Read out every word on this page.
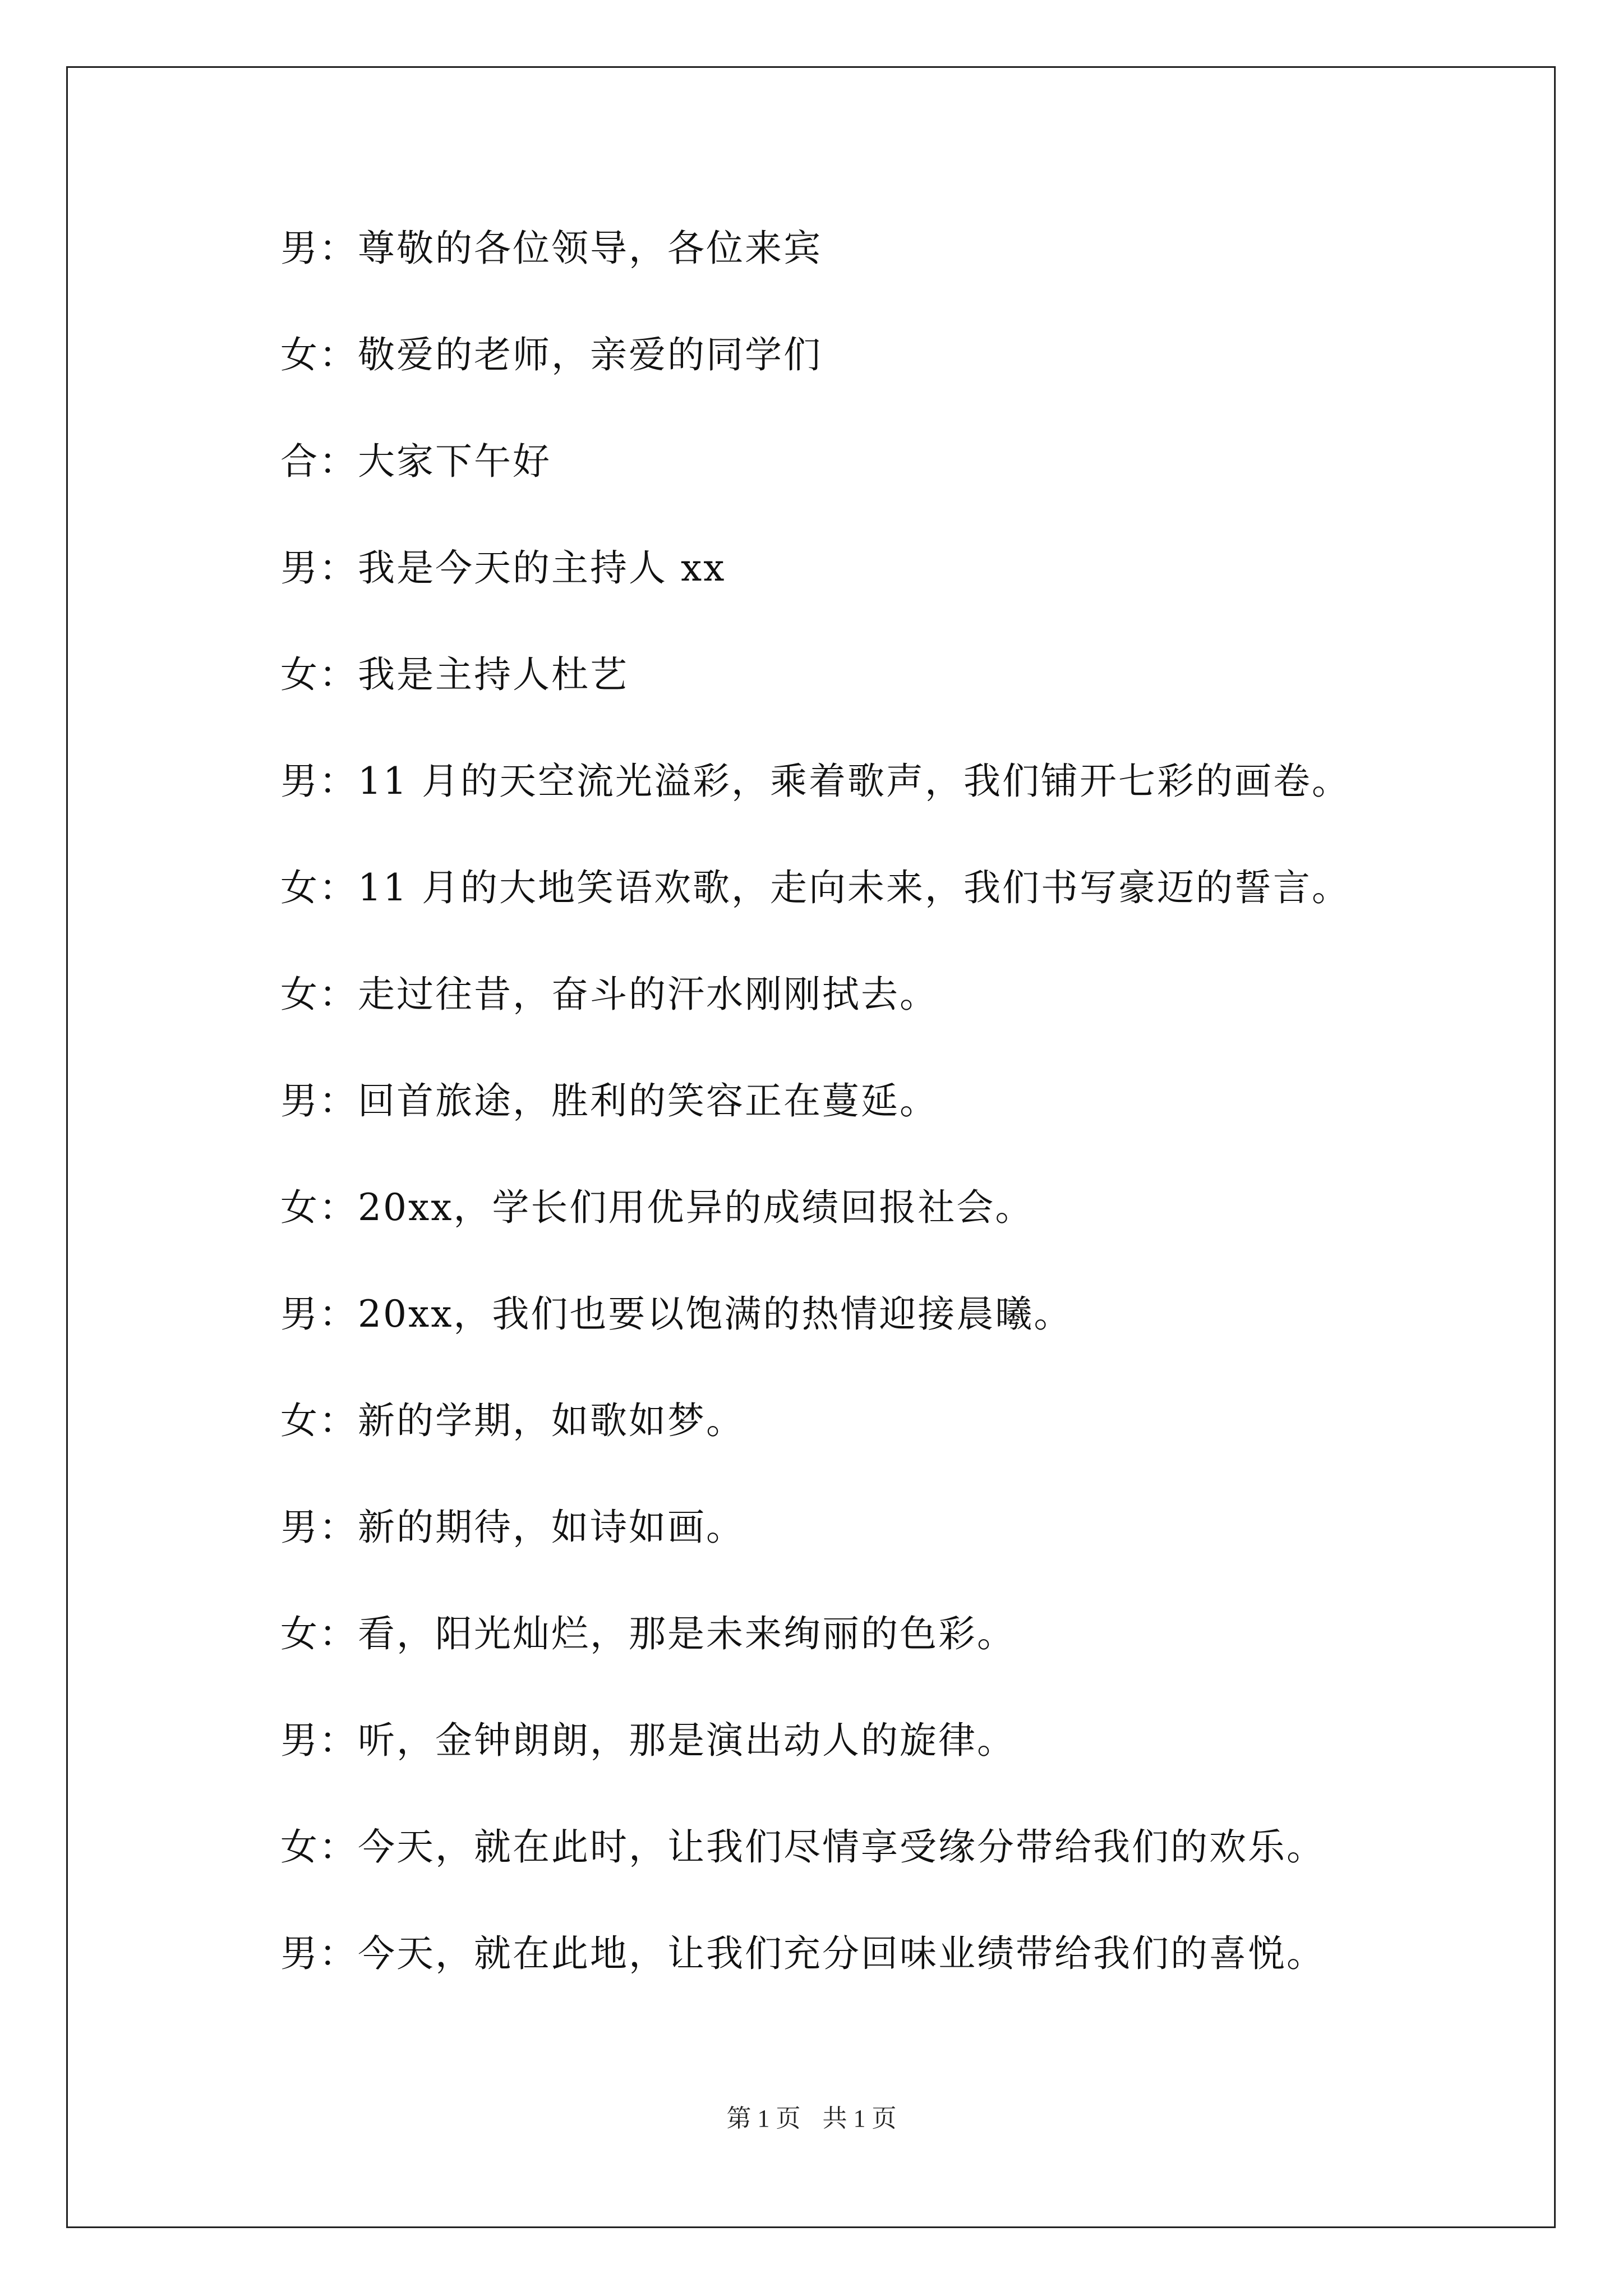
男：尊敬的各位领导，各位来宾
女：敬爱的老师，亲爱的同学们
合：大家下午好
男：我是今天的主持人 xx
女：我是主持人杜艺
男：11 月的天空流光溢彩，乘着歌声，我们铺开七彩的画卷。
女：11 月的大地笑语欢歌，走向未来，我们书写豪迈的誓言。
女：走过往昔，奋斗的汗水刚刚拭去。
男：回首旅途，胜利的笑容正在蔓延。
女：20xx，学长们用优异的成绩回报社会。
男：20xx，我们也要以饱满的热情迎接晨曦。
女：新的学期，如歌如梦。
男：新的期待，如诗如画。
女：看，阳光灿烂，那是未来绚丽的色彩。
男：听，金钟朗朗，那是演出动人的旋律。
女：今天，就在此时，让我们尽情享受缘分带给我们的欢乐。
男：今天，就在此地，让我们充分回味业绩带给我们的喜悦。
第 1 页 共 1 页
